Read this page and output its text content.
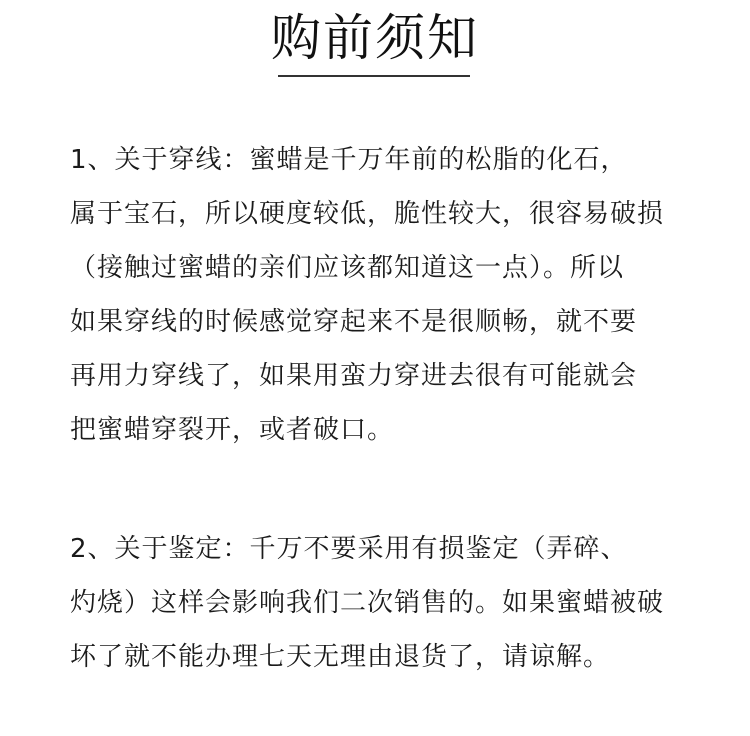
购前须知
1、关于穿线：蜜蜡是千万年前的松脂的化石，
属于宝石，所以硬度较低，脆性较大，很容易破损
（接触过蜜蜡的亲们应该都知道这一点）。所以
如果穿线的时候感觉穿起来不是很顺畅，就不要
再用力穿线了，如果用蛮力穿进去很有可能就会
把蜜蜡穿裂开，或者破口。
2、关于鉴定：千万不要采用有损鉴定（弄碎、
灼烧）这样会影响我们二次销售的。如果蜜蜡被破
坏了就不能办理七天无理由退货了，请谅解。
